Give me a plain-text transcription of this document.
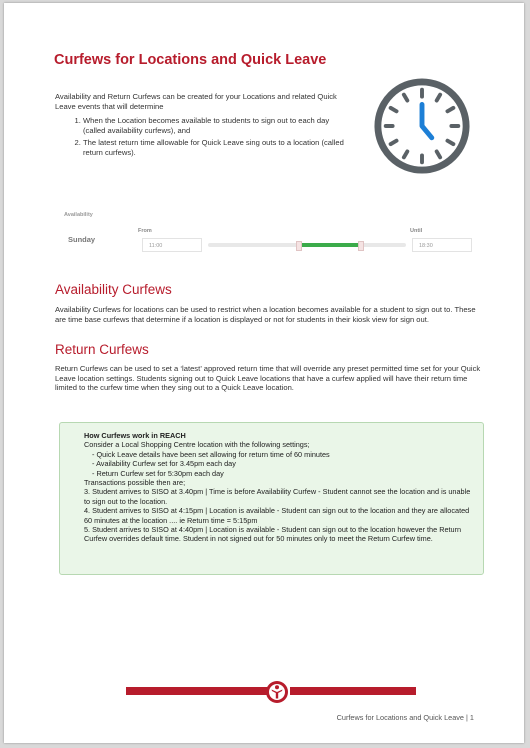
Curfews for Locations and Quick Leave
Availability and Return Curfews can be created for your Locations and related Quick Leave events that will determine
1. When the Location becomes available to students to sign out to each day (called availability curfews), and
2. The latest return time allowable for Quick Leave sing outs to a location (called return curfews).
Availability
Sunday
From	Until
11:00	18:30
Availability Curfews

Availability Curfews for locations can be used to restrict when a location becomes available for a student to sign out to. These are time base curfews that determine if a location is displayed or not for students in their kiosk view for sign out.

Return Curfews

Return Curfews can be used to set a ‘latest’ approved return time that will override any preset permitted time set for your Quick Leave location settings. Students signing out to Quick Leave locations that have a curfew applied will have their return time limited to the curfew time when they sing out to a Quick Leave location.

How Curfews work in REACH
Consider a Local Shopping Centre location with the following settings;
- Quick Leave details have been set allowing for return time of 60 minutes
- Availability Curfew set for 3.45pm each day
- Return Curfew set for 5:30pm each day
Transactions possible then are;
3. Student arrives to SISO at 3.40pm | Time is before Availability Curfew - Student cannot see the location and is unable to sign out to the location.
4. Student arrives to SISO at 4:15pm | Location is available - Student can sign out to the location and they are allocated 60 minutes at the location .... ie Return time = 5:15pm
5. Student arrives to SISO at 4:40pm | Location is available - Student can sign out to the location however the Return Curfew overrides default time. Student in not signed out for 50 minutes only to meet the Return Curfew time.
Curfews for Locations and Quick Leave | 1
